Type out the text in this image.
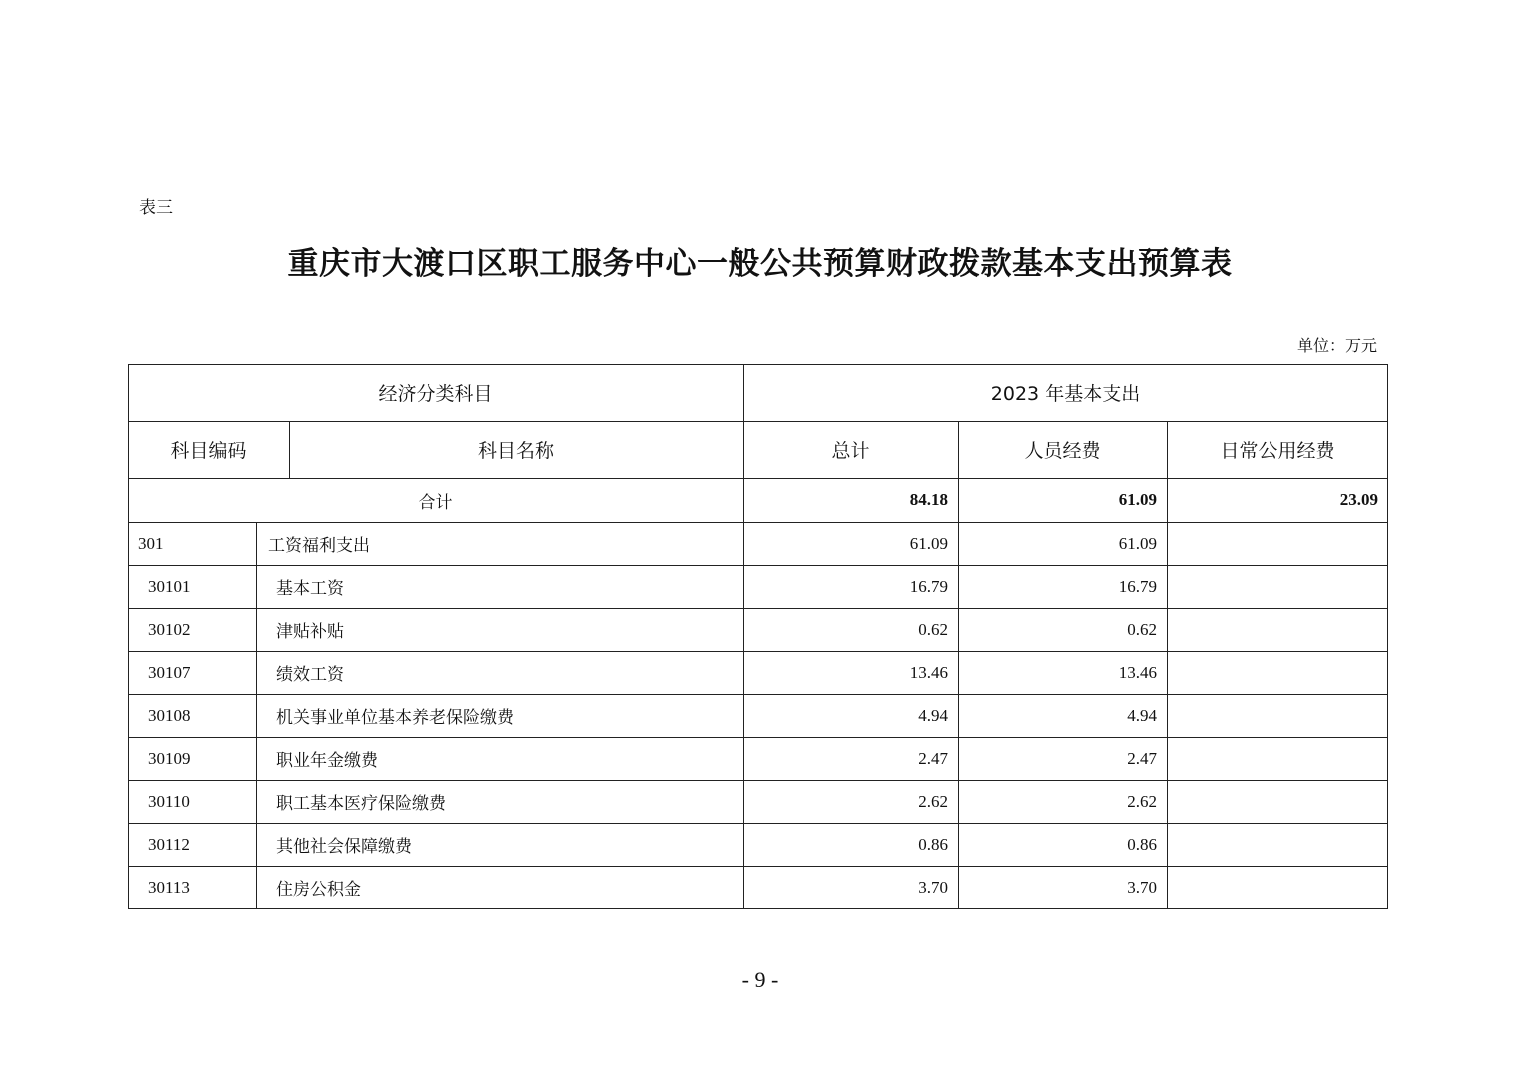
表三
重庆市大渡口区职工服务中心一般公共预算财政拨款基本支出预算表
单位：万元
经济分类科目	2023 年基本支出
科目编码	科目名称	总计	人员经费	日常公用经费
合计	84.18	61.09	23.09
301	工资福利支出	61.09	61.09
30101	基本工资	16.79	16.79
30102	津贴补贴	0.62	0.62
30107	绩效工资	13.46	13.46
30108	机关事业单位基本养老保险缴费	4.94	4.94
30109	职业年金缴费	2.47	2.47
30110	职工基本医疗保险缴费	2.62	2.62
30112	其他社会保障缴费	0.86	0.86
30113	住房公积金	3.70	3.70
- 9 -
